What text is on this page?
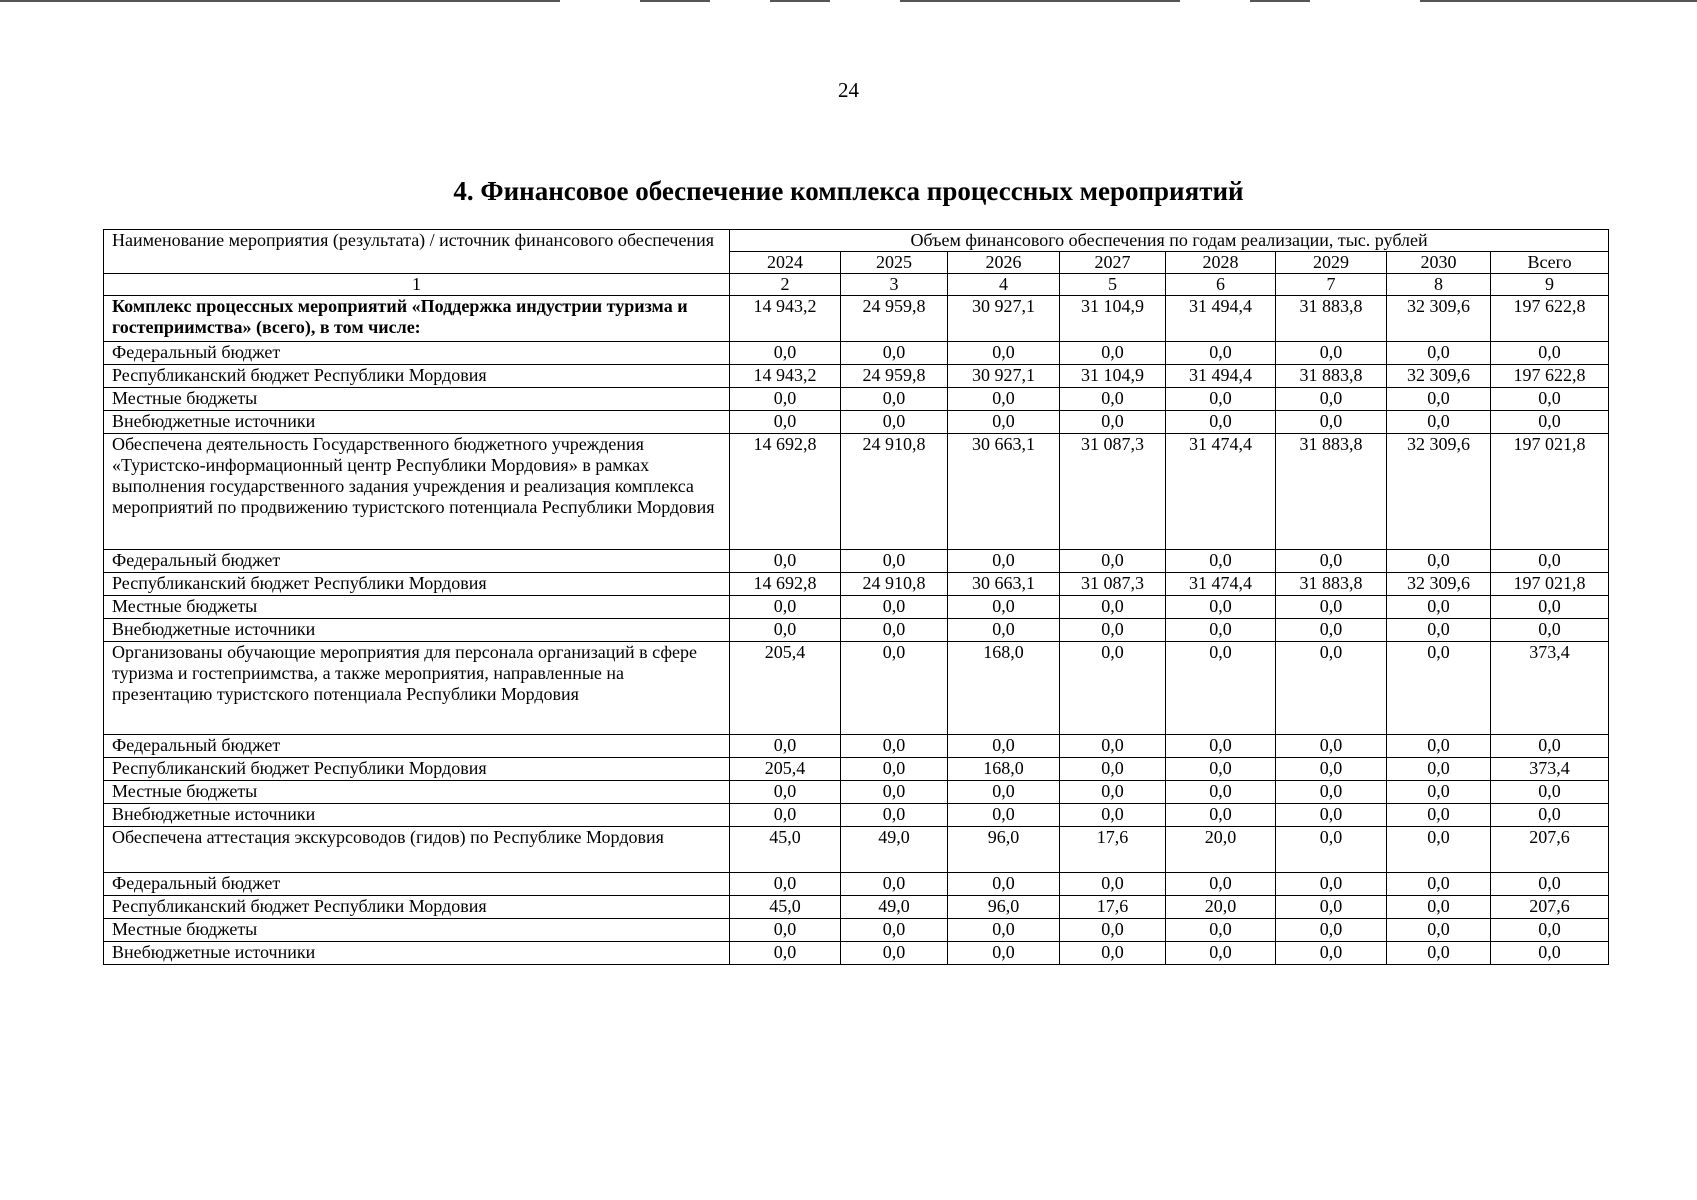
24
4. Финансовое обеспечение комплекса процессных мероприятий
Наименование мероприятия (результата) / источник финансового обеспечения	Объем финансового обеспечения по годам реализации, тыс. рублей							
	2024	2025	2026	2027	2028	2029	2030	Всего
1	2	3	4	5	6	7	8	9
Комплекс процессных мероприятий «Поддержка индустрии туризма и гостеприимства» (всего), в том числе:	14 943,2	24 959,8	30 927,1	31 104,9	31 494,4	31 883,8	32 309,6	197 622,8
Федеральный бюджет	0,0	0,0	0,0	0,0	0,0	0,0	0,0	0,0
Республиканский бюджет Республики Мордовия	14 943,2	24 959,8	30 927,1	31 104,9	31 494,4	31 883,8	32 309,6	197 622,8
Местные бюджеты	0,0	0,0	0,0	0,0	0,0	0,0	0,0	0,0
Внебюджетные источники	0,0	0,0	0,0	0,0	0,0	0,0	0,0	0,0
Обеспечена деятельность Государственного бюджетного учреждения «Туристско-информационный центр Республики Мордовия» в рамках выполнения государственного задания учреждения и реализация комплекса мероприятий по продвижению туристского потенциала Республики Мордовия	14 692,8	24 910,8	30 663,1	31 087,3	31 474,4	31 883,8	32 309,6	197 021,8
Федеральный бюджет	0,0	0,0	0,0	0,0	0,0	0,0	0,0	0,0
Республиканский бюджет Республики Мордовия	14 692,8	24 910,8	30 663,1	31 087,3	31 474,4	31 883,8	32 309,6	197 021,8
Местные бюджеты	0,0	0,0	0,0	0,0	0,0	0,0	0,0	0,0
Внебюджетные источники	0,0	0,0	0,0	0,0	0,0	0,0	0,0	0,0
Организованы обучающие мероприятия для персонала организаций в сфере туризма и гостеприимства, а также мероприятия, направленные на презентацию туристского потенциала Республики Мордовия	205,4	0,0	168,0	0,0	0,0	0,0	0,0	373,4
Федеральный бюджет	0,0	0,0	0,0	0,0	0,0	0,0	0,0	0,0
Республиканский бюджет Республики Мордовия	205,4	0,0	168,0	0,0	0,0	0,0	0,0	373,4
Местные бюджеты	0,0	0,0	0,0	0,0	0,0	0,0	0,0	0,0
Внебюджетные источники	0,0	0,0	0,0	0,0	0,0	0,0	0,0	0,0
Обеспечена аттестация экскурсоводов (гидов) по Республике Мордовия	45,0	49,0	96,0	17,6	20,0	0,0	0,0	207,6
Федеральный бюджет	0,0	0,0	0,0	0,0	0,0	0,0	0,0	0,0
Республиканский бюджет Республики Мордовия	45,0	49,0	96,0	17,6	20,0	0,0	0,0	207,6
Местные бюджеты	0,0	0,0	0,0	0,0	0,0	0,0	0,0	0,0
Внебюджетные источники	0,0	0,0	0,0	0,0	0,0	0,0	0,0	0,0
